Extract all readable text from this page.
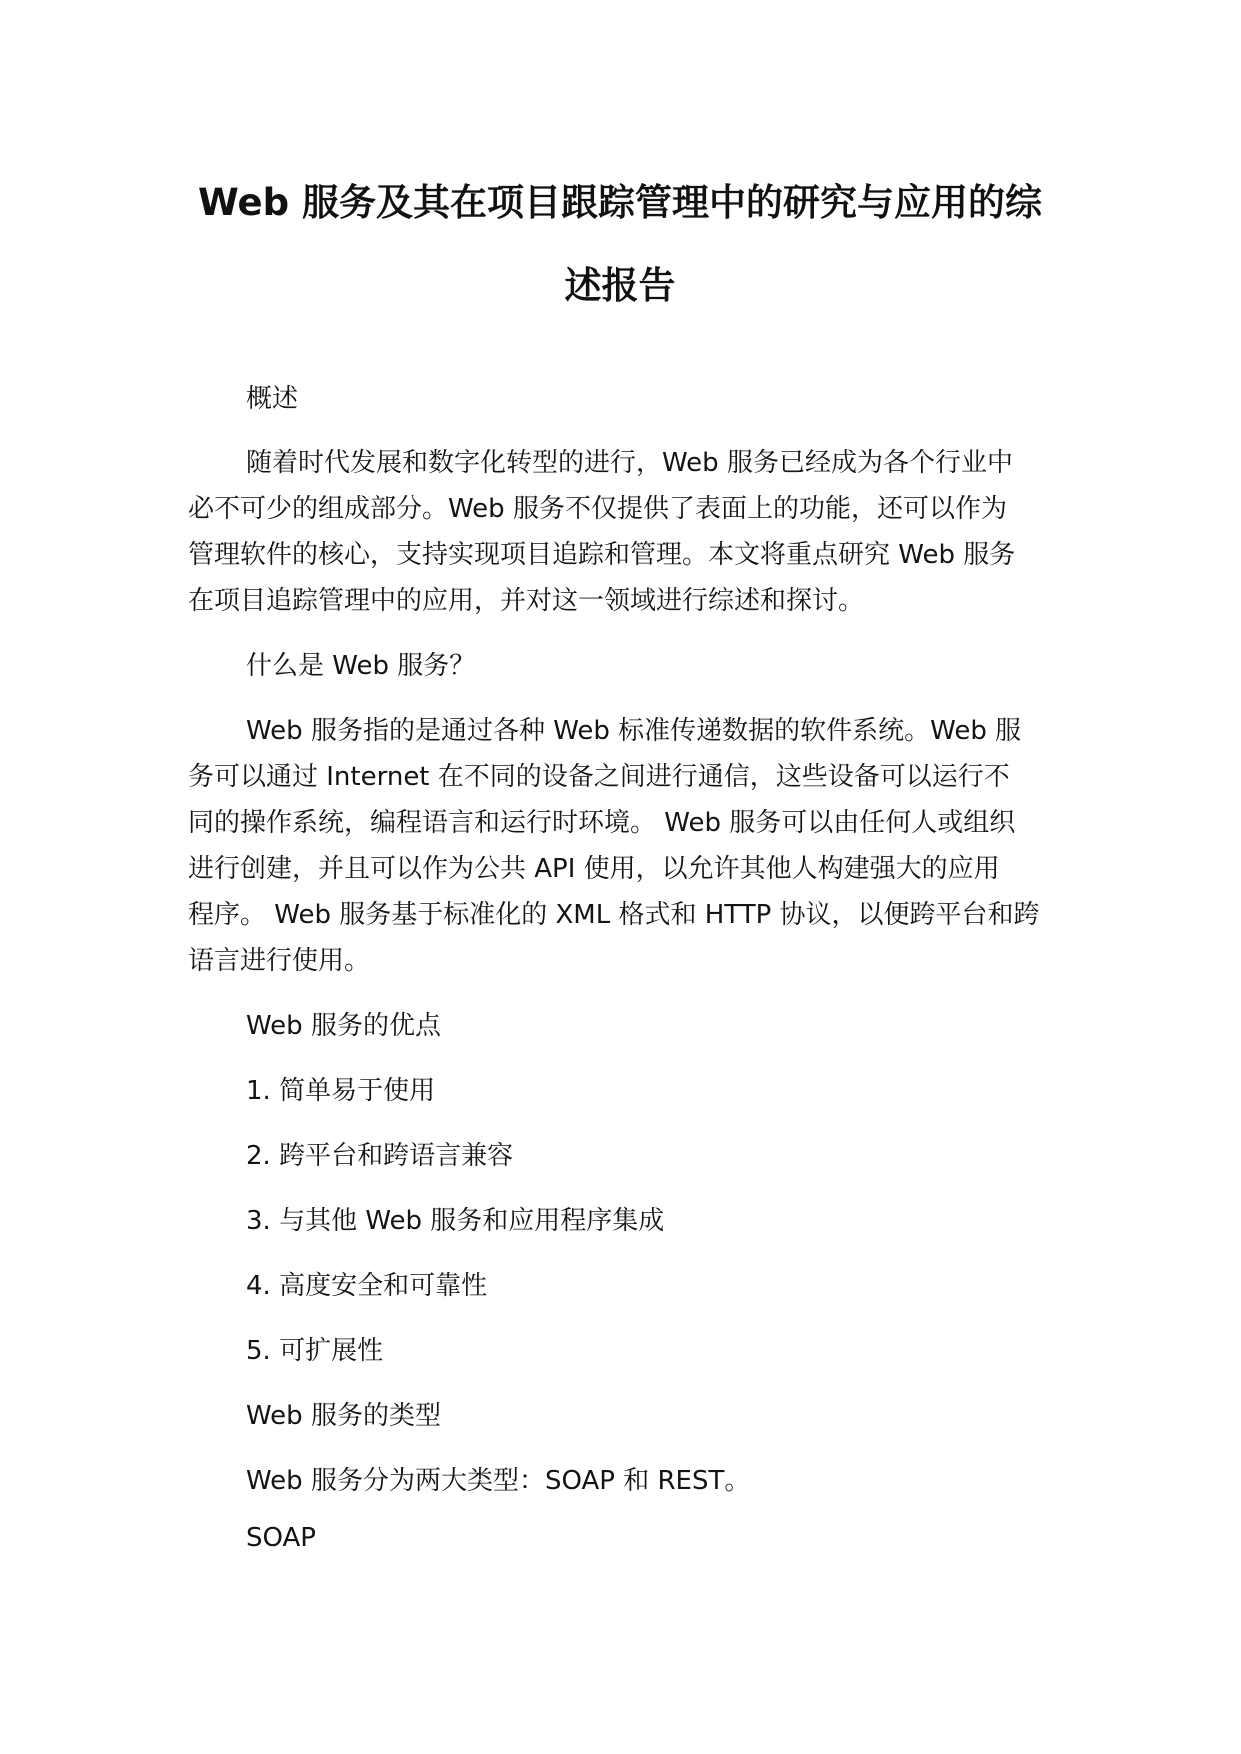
Web 服务及其在项目跟踪管理中的研究与应用的综
述报告
概述
随着时代发展和数字化转型的进行，Web 服务已经成为各个行业中
必不可少的组成部分。Web 服务不仅提供了表面上的功能，还可以作为
管理软件的核心，支持实现项目追踪和管理。本文将重点研究 Web 服务
在项目追踪管理中的应用，并对这一领域进行综述和探讨。
什么是 Web 服务？
Web 服务指的是通过各种 Web 标准传递数据的软件系统。Web 服
务可以通过 Internet 在不同的设备之间进行通信，这些设备可以运行不
同的操作系统，编程语言和运行时环境。 Web 服务可以由任何人或组织
进行创建，并且可以作为公共 API 使用，以允许其他人构建强大的应用
程序。 Web 服务基于标准化的 XML 格式和 HTTP 协议，以便跨平台和跨
语言进行使用。
Web 服务的优点
1. 简单易于使用
2. 跨平台和跨语言兼容
3. 与其他 Web 服务和应用程序集成
4. 高度安全和可靠性
5. 可扩展性
Web 服务的类型
Web 服务分为两大类型：SOAP 和 REST。
SOAP
